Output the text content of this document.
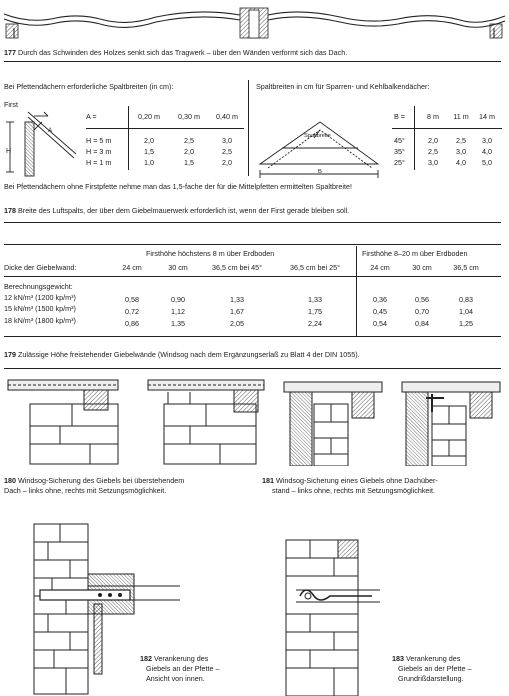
177 Durch das Schwinden des Holzes senkt sich das Tragwerk – über den Wänden verformt sich das Dach.
Bei Pfettendächern erforderliche Spaltbreiten (in cm):
First
H
A
A =	0,20 m	0,30 m	0,40 m
H = 5 m	2,0	2,5	3,0
H = 3 m	1,5	2,0	2,5
H = 1 m	1,0	1,5	2,0
Spaltbreiten in cm für Sparren- und Kehlbalkendächer:
Spaltbreite
B
B =	8 m	11 m	14 m
45°	2,0	2,5	3,0
35°	2,5	3,0	4,0
25°	3,0	4,0	5,0
Bei Pfettendächern ohne Firstpfette nehme man das 1,5-fache der für die Mittelpfetten ermittelten Spaltbreite!
178 Breite des Luftspalts, der über dem Giebelmauerwerk erforderlich ist, wenn der First gerade bleiben soll.
Firsthöhe höchstens 8 m über Erdboden	Firsthöhe 8–20 m über Erdboden
Dicke der Giebelwand:	24 cm	30 cm	36,5 cm bei 45°	36,5 cm bei 25°	24 cm	30 cm	36,5 cm
Berechnungsgewicht:
12 kN/m³ (1200 kp/m³)	0,58	0,90	1,33	1,33	0,36	0,56	0,83
15 kN/m³ (1500 kp/m³)	0,72	1,12	1,67	1,75	0,45	0,70	1,04
18 kN/m³ (1800 kp/m³)	0,86	1,35	2,05	2,24	0,54	0,84	1,25
179 Zulässige Höhe freistehender Giebelwände (Windsog nach dem Ergänzungserlaß zu Blatt 4 der DIN 1055).
180 Windsog-Sicherung des Giebels bei überstehendem
Dach – links ohne, rechts mit Setzungsmöglichkeit.
181 Windsog-Sicherung eines Giebels ohne Dachüber-
stand – links ohne, rechts mit Setzungsmöglichkeit.
182 Verankerung des
Giebels an der Pfette –
Ansicht von innen.
183 Verankerung des
Giebels an der Pfette –
Grundrißdarstellung.
